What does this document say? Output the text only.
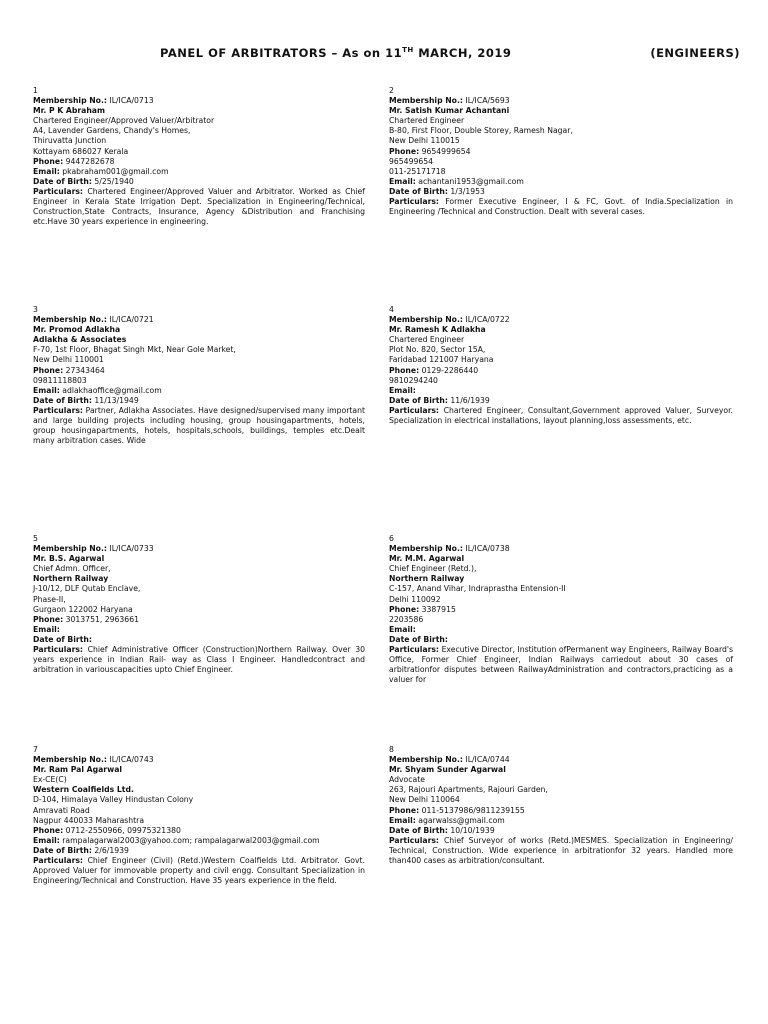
PANEL OF ARBITRATORS – As on 11TH MARCH, 2019	(ENGINEERS)
1
Membership No.: IL/ICA/0713
Mr. P K Abraham
Chartered Engineer/Approved Valuer/Arbitrator
A4, Lavender Gardens, Chandy's Homes,
Thiruvatta Junction
Kottayam 686027 Kerala
Phone: 9447282678
Email: pkabraham001@gmail.com
Date of Birth: 5/25/1940
Particulars: Chartered Engineer/Approved Valuer and Arbitrator. Worked as Chief Engineer in Kerala State Irrigation Dept. Specialization in Engineering/Technical, Construction,State Contracts, Insurance, Agency &Distribution and Franchising etc.Have 30 years experience in engineering.
2
Membership No.: IL/ICA/5693
Mr. Satish Kumar Achantani
Chartered Engineer
B-80, First Floor, Double Storey, Ramesh Nagar,
New Delhi 110015
Phone: 9654999654
965499654
011-25171718
Email: achantani1953@gmail.com
Date of Birth: 1/3/1953
Particulars: Former Executive Engineer, I & FC, Govt. of India.Specialization in Engineering /Technical and Construction. Dealt with several cases.
3
Membership No.: IL/ICA/0721
Mr. Promod Adlakha
Adlakha & Associates
F-70, 1st Floor, Bhagat Singh Mkt, Near Gole Market,
New Delhi 110001
Phone: 27343464
09811118803
Email: adlakhaoffice@gmail.com
Date of Birth: 11/13/1949
Particulars: Partner, Adlakha Associates. Have designed/supervised many important and large building projects including housing, group housingapartments, hotels, group housingapartments, hotels, hospitals,schools, buildings, temples etc.Dealt many arbitration cases. Wide
4
Membership No.: IL/ICA/0722
Mr. Ramesh K Adlakha
Chartered Engineer
Plot No. 820, Sector 15A,
Faridabad 121007 Haryana
Phone: 0129-2286440
9810294240
Email:
Date of Birth: 11/6/1939
Particulars: Chartered Engineer, Consultant,Government approved Valuer, Surveyor. Specialization in electrical installations, layout planning,loss assessments, etc.
5
Membership No.: IL/ICA/0733
Mr. B.S. Agarwal
Chief Admn. Officer,
Northern Railway
J-10/12, DLF Qutab Enclave,
Phase-II,
Gurgaon 122002 Haryana
Phone: 3013751, 2963661
Email:
Date of Birth:
Particulars: Chief Administrative Officer (Construction)Northern Railway. Over 30 years experience in Indian Rail- way as Class I Engineer. Handledcontract and arbitration in variouscapacities upto Chief Engineer.
6
Membership No.: IL/ICA/0738
Mr. M.M. Agarwal
Chief Engineer (Retd.),
Northern Railway
C-157, Anand Vihar, Indraprastha Entension-II
Delhi 110092
Phone: 3387915
2203586
Email:
Date of Birth:
Particulars: Executive Director, Institution ofPermanent way Engineers, Railway Board's Office, Former Chief Engineer, Indian Railways carriedout about 30 cases of arbitrationfor disputes between RailwayAdministration and contractors,practicing as a valuer for
7
Membership No.: IL/ICA/0743
Mr. Ram Pal Agarwal
Ex-CE(C)
Western Coalfields Ltd.
D-104, Himalaya Valley Hindustan Colony
Amravati Road
Nagpur 440033 Maharashtra
Phone: 0712-2550966, 09975321380
Email: rampalagarwal2003@yahoo.com; rampalagarwal2003@gmail.com
Date of Birth: 2/6/1939
Particulars: Chief Engineer (Civil) (Retd.)Western Coalfields Ltd. Arbitrator. Govt. Approved Valuer for immovable property and civil engg. Consultant Specialization in Engineering/Technical and Construction. Have 35 years experience in the field.
8
Membership No.: IL/ICA/0744
Mr. Shyam Sunder Agarwal
Advocate
263, Rajouri Apartments, Rajouri Garden,
New Delhi 110064
Phone: 011-5137986/9811239155
Email: agarwalss@gmail.com
Date of Birth: 10/10/1939
Particulars: Chief Surveyor of works (Retd.)MESMES. Specialization in Engineering/ Technical, Construction. Wide experience in arbitrationfor 32 years. Handled more than400 cases as arbitration/consultant.
